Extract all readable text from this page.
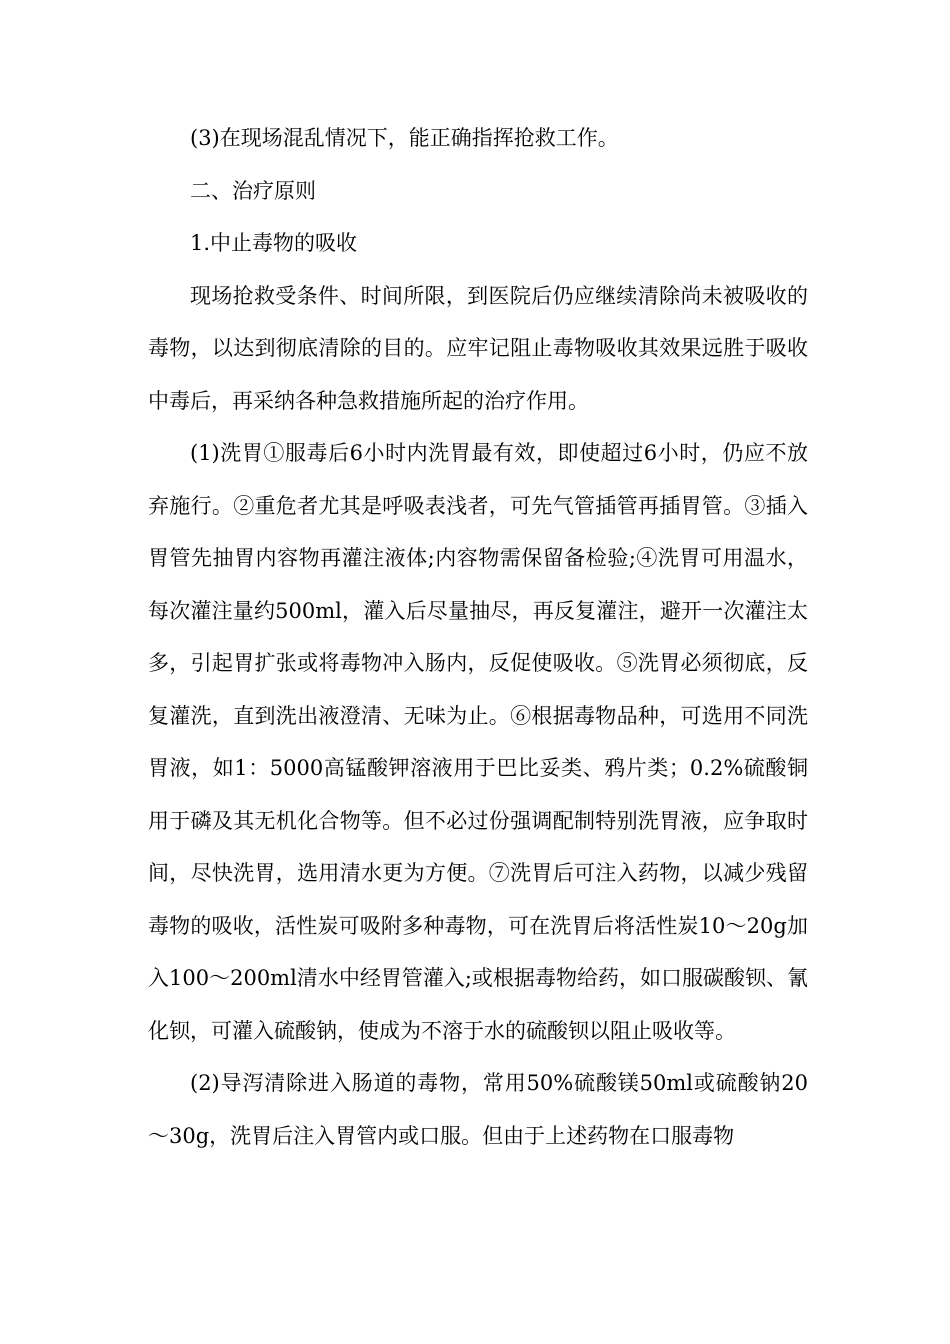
(3)在现场混乱情况下，能正确指挥抢救工作。

二、治疗原则

1.中止毒物的吸收

现场抢救受条件、时间所限，到医院后仍应继续清除尚未被吸收的毒物，以达到彻底清除的目的。应牢记阻止毒物吸收其效果远胜于吸收中毒后，再采纳各种急救措施所起的治疗作用。

(1)洗胃①服毒后6小时内洗胃最有效，即使超过6小时，仍应不放弃施行。②重危者尤其是呼吸表浅者，可先气管插管再插胃管。③插入胃管先抽胃内容物再灌注液体;内容物需保留备检验;④洗胃可用温水，每次灌注量约500ml，灌入后尽量抽尽，再反复灌注，避开一次灌注太多，引起胃扩张或将毒物冲入肠内，反促使吸收。⑤洗胃必须彻底，反复灌洗，直到洗出液澄清、无味为止。⑥根据毒物品种，可选用不同洗胃液，如1：5000高锰酸钾溶液用于巴比妥类、鸦片类；0.2%硫酸铜用于磷及其无机化合物等。但不必过份强调配制特别洗胃液，应争取时间，尽快洗胃，选用清水更为方便。⑦洗胃后可注入药物，以减少残留毒物的吸收，活性炭可吸附多种毒物，可在洗胃后将活性炭10～20g加入100～200ml清水中经胃管灌入;或根据毒物给药，如口服碳酸钡、氰化钡，可灌入硫酸钠，使成为不溶于水的硫酸钡以阻止吸收等。

(2)导泻清除进入肠道的毒物，常用50%硫酸镁50ml或硫酸钠20～30g，洗胃后注入胃管内或口服。但由于上述药物在口服毒物
